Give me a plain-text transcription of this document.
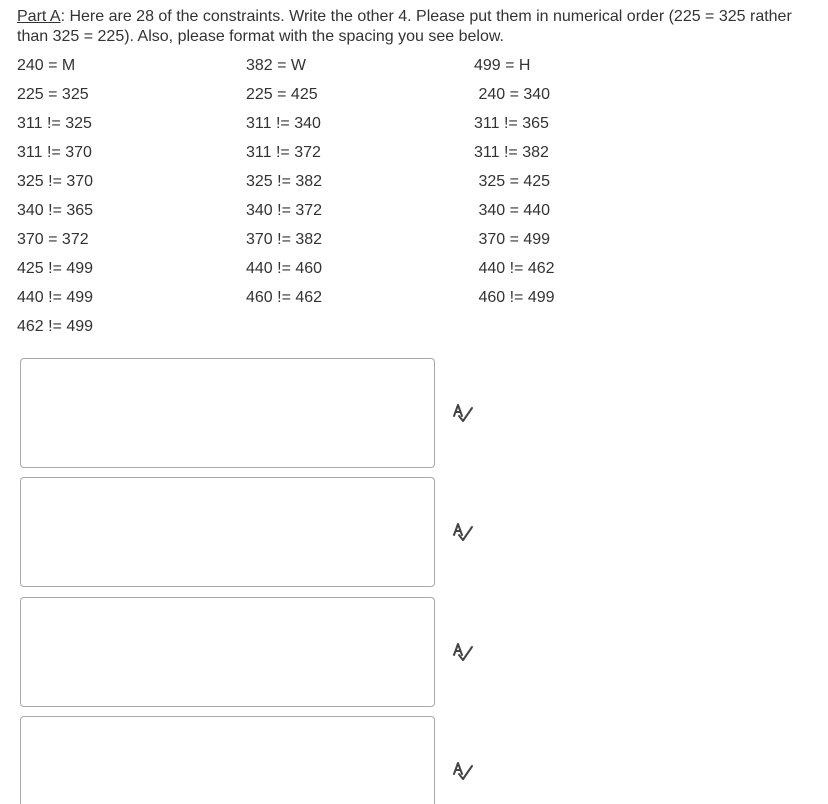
Part A: Here are 28 of the constraints. Write the other 4. Please put them in numerical order (225 = 325 rather than 325 = 225). Also, please format with the spacing you see below.
240 = M	382 = W	499 = H
225 = 325	225 = 425	240 = 340
311 != 325	311 != 340	311 != 365
311 != 370	311 != 372	311 != 382
325 != 370	325 != 382	325 = 425
340 != 365	340 != 372	340 = 440
370 = 372	370 != 382	370 = 499
425 != 499	440 != 460	440 != 462
440 != 499	460 != 462	460 != 499
462 != 499
